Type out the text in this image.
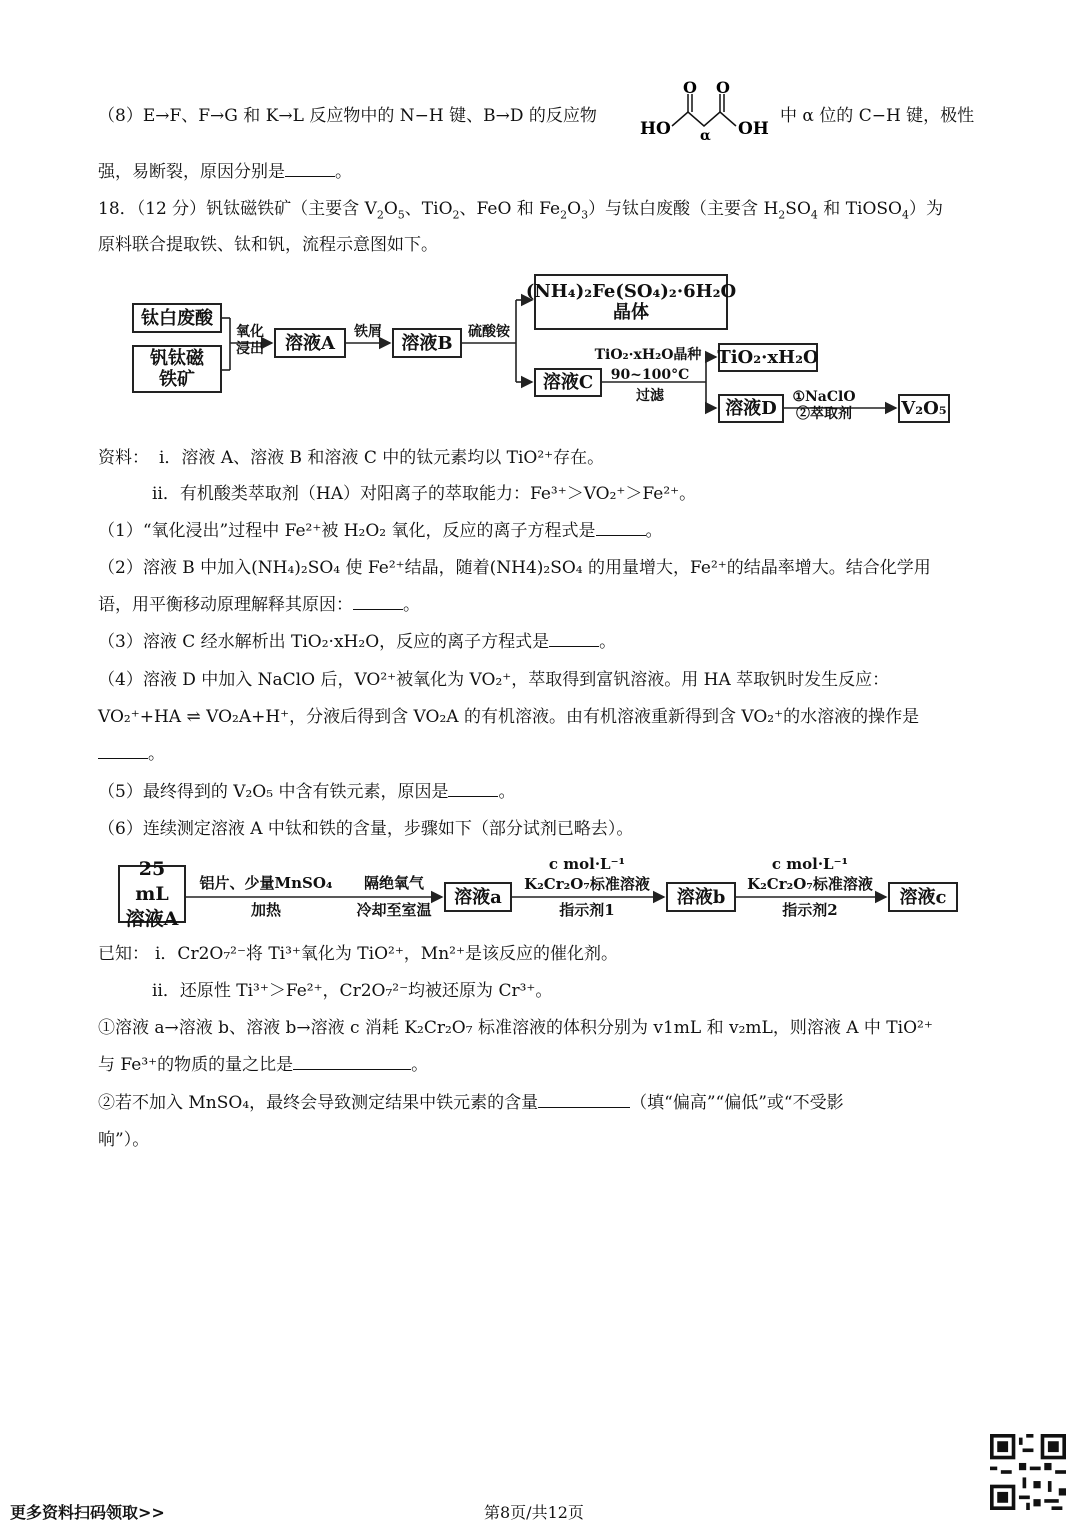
（8）E→F、F→G 和 K→L 反应物中的 N−H 键、B→D 的反应物
HO
O O
OH
α
中 α 位的 C−H 键，极性
强，易断裂，原因分别是	。
18．（12 分）钒钛磁铁矿（主要含 $V_2O_5$、TiO$_2$、FeO 和 $Fe_2O_3$）与钛白废酸（主要含 $H_2SO_4$ 和 TiOSO$_4$）为
原料联合提取铁、钛和钒，流程示意图如下。
钛白废酸
钒钛磁
铁矿
氧化
浸出	溶液A
铁屑
溶液B
硫酸铵
(NH₄)₂Fe(SO₄)₂·6H₂O
晶体
溶液C
TiO₂·xH₂O晶种
90~100°C
过滤
TiO₂·xH₂O
溶液D
①NaClO
②萃取剂	V₂O₅
资料： ⅰ．溶液 A、溶液 B 和溶液 C 中的钛元素均以 TiO²⁺存在。
ⅱ．有机酸类萃取剂（HA）对阳离子的萃取能力：Fe³⁺＞VO₂⁺＞Fe²⁺。
（1）“氧化浸出”过程中 Fe²⁺被 H₂O₂ 氧化，反应的离子方程式是	。
（2）溶液 B 中加入(NH₄)₂SO₄ 使 Fe²⁺结晶，随着(NH4)₂SO₄ 的用量增大，Fe²⁺的结晶率增大。结合化学用
语，用平衡移动原理解释其原因：	。
（3）溶液 C 经水解析出 TiO₂·xH₂O，反应的离子方程式是	。
（4）溶液 D 中加入 NaClO 后，VO²⁺被氧化为 VO₂⁺，萃取得到富钒溶液。用 HA 萃取钒时发生反应：
VO₂⁺+HA ⇌ VO₂A+H⁺，分液后得到含 VO₂A 的有机溶液。由有机溶液重新得到含 VO₂⁺的水溶液的操作是
。
（5）最终得到的 V₂O₅ 中含有铁元素，原因是	。
（6）连续测定溶液 A 中钛和铁的含量，步骤如下（部分试剂已略去）。
25 mL
溶液A
铝片、少量MnSO₄
加热
隔绝氧气
冷却至室温
溶液a
c mol·L⁻¹
K₂Cr₂O₇标准溶液
指示剂1
溶液b
c mol·L⁻¹
K₂Cr₂O₇标准溶液
指示剂2
溶液c
已知： ⅰ．Cr2O₇²⁻将 Ti³⁺氧化为 TiO²⁺，Mn²⁺是该反应的催化剂。
ⅱ．还原性 Ti³⁺＞Fe²⁺，Cr2O₇²⁻均被还原为 Cr³⁺。
①溶液 a→溶液 b、溶液 b→溶液 c 消耗 K₂Cr₂O₇ 标准溶液的体积分别为 v1mL 和 v₂mL，则溶液 A 中 TiO²⁺
与 Fe³⁺的物质的量之比是	。
②若不加入 MnSO₄，最终会导致测定结果中铁元素的含量	（填“偏高”“偏低”或“不受影
响”）。
更多资料扫码领取>>	第8页/共12页
